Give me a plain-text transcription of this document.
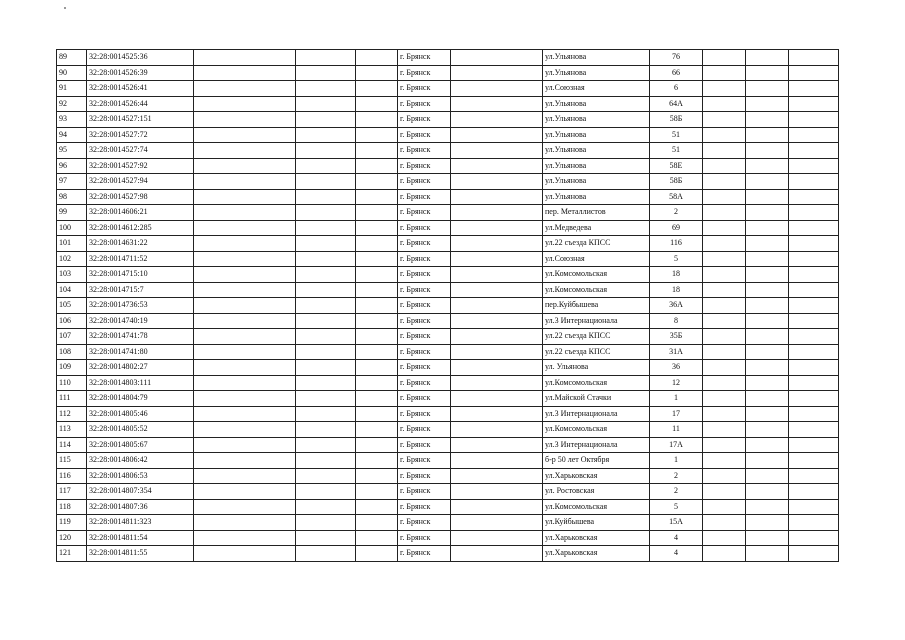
89	32:28:0014525:36				г. Брянск		ул.Ульянова	76			
90	32:28:0014526:39				г. Брянск		ул.Ульянова	66			
91	32:28:0014526:41				г. Брянск		ул.Союзная	6			
92	32:28:0014526:44				г. Брянск		ул.Ульянова	64А			
93	32:28:0014527:151				г. Брянск		ул.Ульянова	58Б			
94	32:28:0014527:72				г. Брянск		ул.Ульянова	51			
95	32:28:0014527:74				г. Брянск		ул.Ульянова	51			
96	32:28:0014527:92				г. Брянск		ул.Ульянова	58Е			
97	32:28:0014527:94				г. Брянск		ул.Ульянова	58Б			
98	32:28:0014527:98				г. Брянск		ул.Ульянова	58А			
99	32:28:0014606:21				г. Брянск		пер. Металлистов	2			
100	32:28:0014612:285				г. Брянск		ул.Медведева	69			
101	32:28:0014631:22				г. Брянск		ул.22 съезда КПСС	116			
102	32:28:0014711:52				г. Брянск		ул.Союзная	5			
103	32:28:0014715:10				г. Брянск		ул.Комсомольская	18			
104	32:28:0014715:7				г. Брянск		ул.Комсомольская	18			
105	32:28:0014736:53				г. Брянск		пер.Куйбышева	36А			
106	32:28:0014740:19				г. Брянск		ул.3 Интернационала	8			
107	32:28:0014741:78				г. Брянск		ул.22 съезда КПСС	35Б			
108	32:28:0014741:80				г. Брянск		ул.22 съезда КПСС	31А			
109	32:28:0014802:27				г. Брянск		ул. Ульянова	36			
110	32:28:0014803:111				г. Брянск		ул.Комсомольская	12			
111	32:28:0014804:79				г. Брянск		ул.Майской Стачки	1			
112	32:28:0014805:46				г. Брянск		ул.3 Интернационала	17			
113	32:28:0014805:52				г. Брянск		ул.Комсомольская	11			
114	32:28:0014805:67				г. Брянск		ул.3 Интернационала	17А			
115	32:28:0014806:42				г. Брянск		б-р 50 лет Октября	1			
116	32:28:0014806:53				г. Брянск		ул.Харьковская	2			
117	32:28:0014807:354				г. Брянск		ул. Ростовская	2			
118	32:28:0014807:36				г. Брянск		ул.Комсомольская	5			
119	32:28:0014811:323				г. Брянск		ул.Куйбышева	15А			
120	32:28:0014811:54				г. Брянск		ул.Харьковская	4			
121	32:28:0014811:55				г. Брянск		ул.Харьковская	4			
